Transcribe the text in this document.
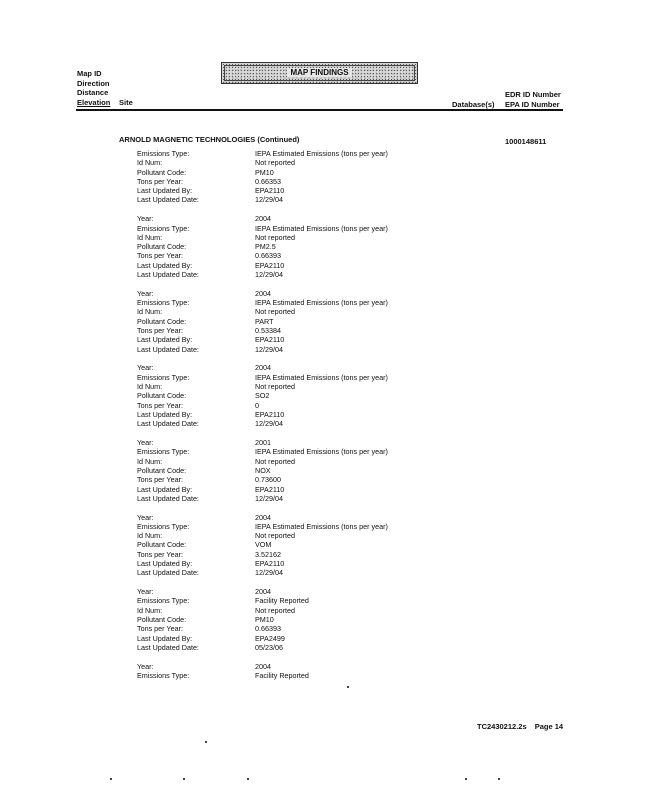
Map ID
Direction
Distance
Elevation
MAP FINDINGS
Site	Database(s)
EDR ID Number
EPA ID Number
ARNOLD MAGNETIC TECHNOLOGIES (Continued)	1000148611
Emissions Type:	IEPA Estimated Emissions (tons per year)
Id Num:	Not reported
Pollutant Code:	PM10
Tons per Year:	0.66353
Last Updated By:	EPA2110
Last Updated Date:	12/29/04
Year:	2004
Emissions Type:	IEPA Estimated Emissions (tons per year)
Id Num:	Not reported
Pollutant Code:	PM2.5
Tons per Year:	0.66393
Last Updated By:	EPA2110
Last Updated Date:	12/29/04
Year:	2004
Emissions Type:	IEPA Estimated Emissions (tons per year)
Id Num:	Not reported
Pollutant Code:	PART
Tons per Year:	0.53384
Last Updated By:	EPA2110
Last Updated Date:	12/29/04
Year:	2004
Emissions Type:	IEPA Estimated Emissions (tons per year)
Id Num:	Not reported
Pollutant Code:	SO2
Tons per Year:	0
Last Updated By:	EPA2110
Last Updated Date:	12/29/04
Year:	2001
Emissions Type:	IEPA Estimated Emissions (tons per year)
Id Num:	Not reported
Pollutant Code:	NOX
Tons per Year:	0.73600
Last Updated By:	EPA2110
Last Updated Date:	12/29/04
Year:	2004
Emissions Type:	IEPA Estimated Emissions (tons per year)
Id Num:	Not reported
Pollutant Code:	VOM
Tons per Year:	3.52162
Last Updated By:	EPA2110
Last Updated Date:	12/29/04
Year:	2004
Emissions Type:	Facility Reported
Id Num:	Not reported
Pollutant Code:	PM10
Tons per Year:	0.66393
Last Updated By:	EPA2499
Last Updated Date:	05/23/06
Year:	2004
Emissions Type:	Facility Reported
TC2430212.2s Page 14
